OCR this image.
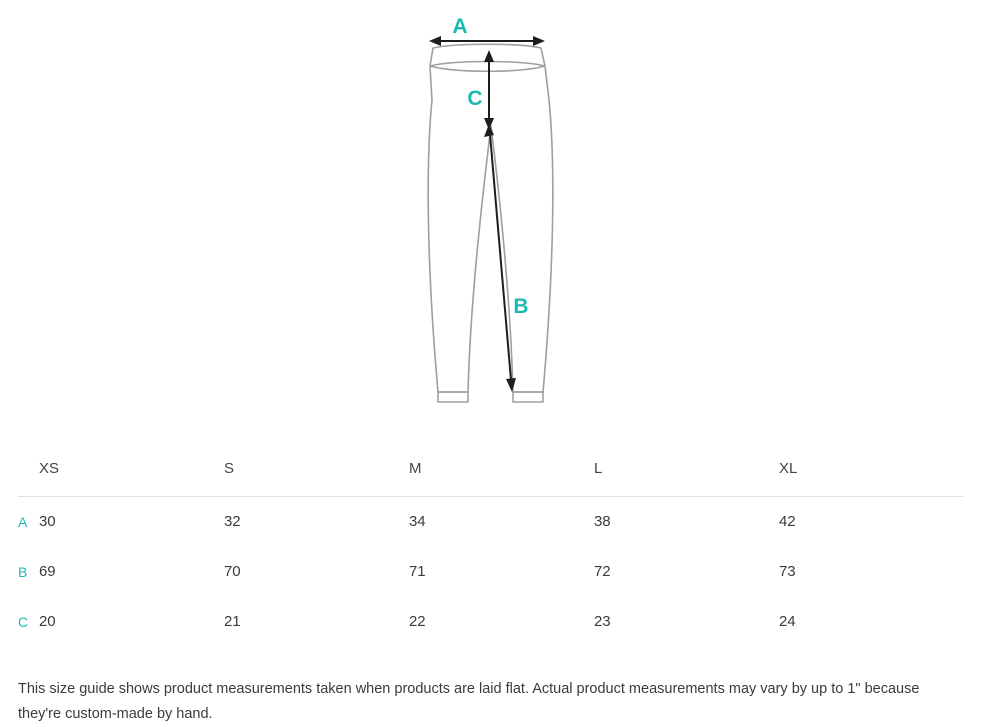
A
C
B
	XS	S	M	L	XL
A	30	32	34	38	42
B	69	70	71	72	73
C	20	21	22	23	24

This size guide shows product measurements taken when products are laid flat. Actual product measurements may vary by up to 1" because they're custom-made by hand.
